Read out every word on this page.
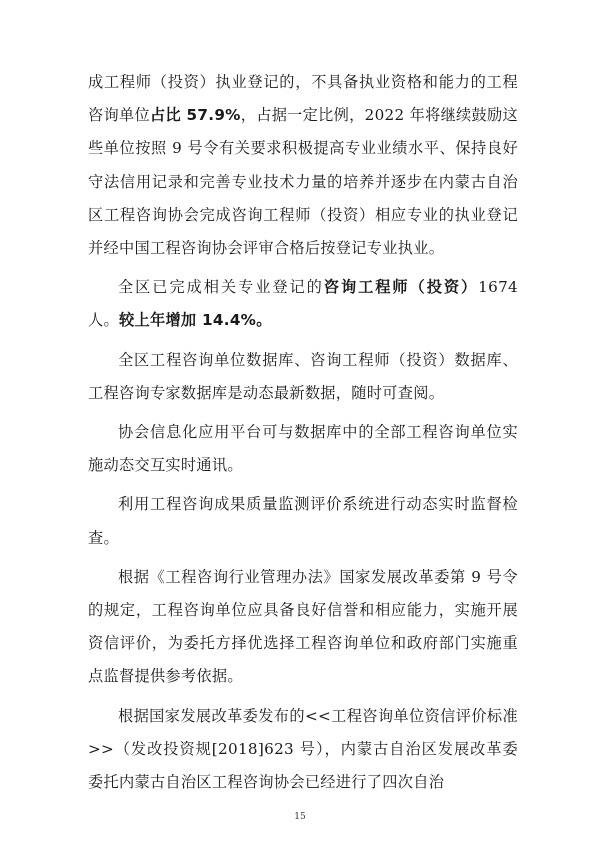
成工程师（投资）执业登记的，不具备执业资格和能力的工程咨询单位占比 57.9%，占据一定比例，2022 年将继续鼓励这些单位按照 9 号令有关要求积极提高专业业绩水平、保持良好守法信用记录和完善专业技术力量的培养并逐步在内蒙古自治区工程咨询协会完成咨询工程师（投资）相应专业的执业登记并经中国工程咨询协会评审合格后按登记专业执业。

全区已完成相关专业登记的咨询工程师（投资）1674 人。较上年增加 14.4%。

全区工程咨询单位数据库、咨询工程师（投资）数据库、工程咨询专家数据库是动态最新数据，随时可查阅。

协会信息化应用平台可与数据库中的全部工程咨询单位实施动态交互实时通讯。

利用工程咨询成果质量监测评价系统进行动态实时监督检查。

根据《工程咨询行业管理办法》国家发展改革委第 9 号令的规定，工程咨询单位应具备良好信誉和相应能力，实施开展资信评价，为委托方择优选择工程咨询单位和政府部门实施重点监督提供参考依据。

根据国家发展改革委发布的<<工程咨询单位资信评价标准>>（发改投资规[2018]623 号），内蒙古自治区发展改革委委托内蒙古自治区工程咨询协会已经进行了四次自治

15
